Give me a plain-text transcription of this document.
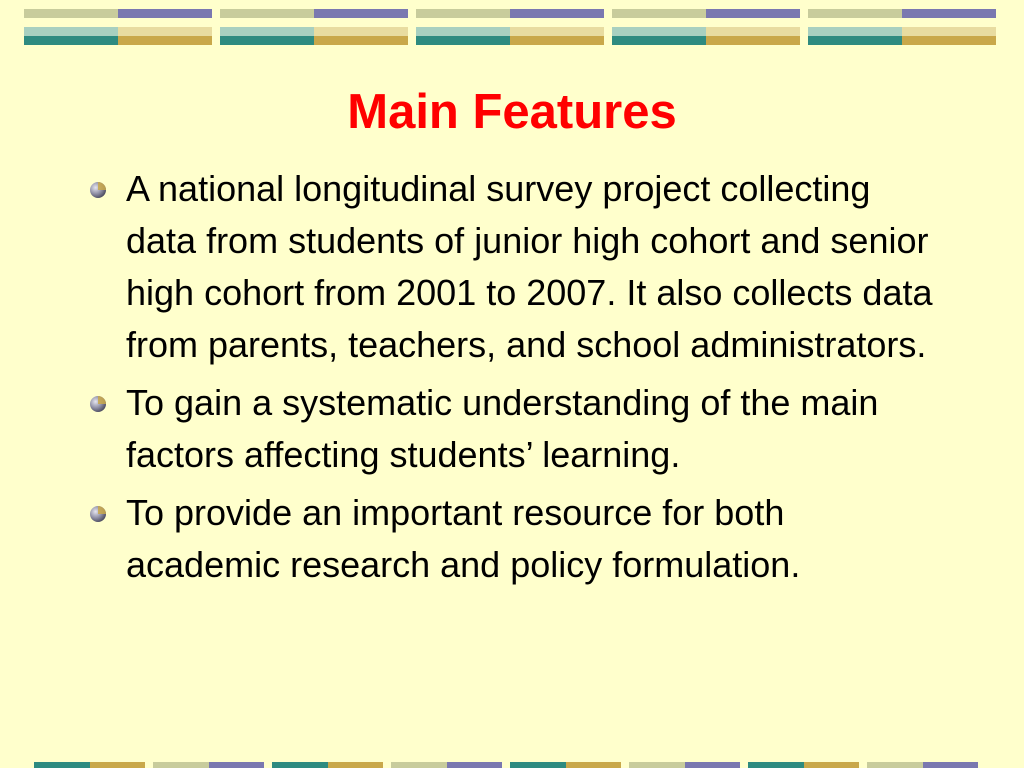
Main Features
A national longitudinal survey project collecting data from students of junior high cohort and senior high cohort from 2001 to 2007. It also collects data from parents, teachers, and school administrators.
To gain a systematic understanding of the main factors affecting students’ learning.
To provide an important resource for both academic research and policy formulation.
